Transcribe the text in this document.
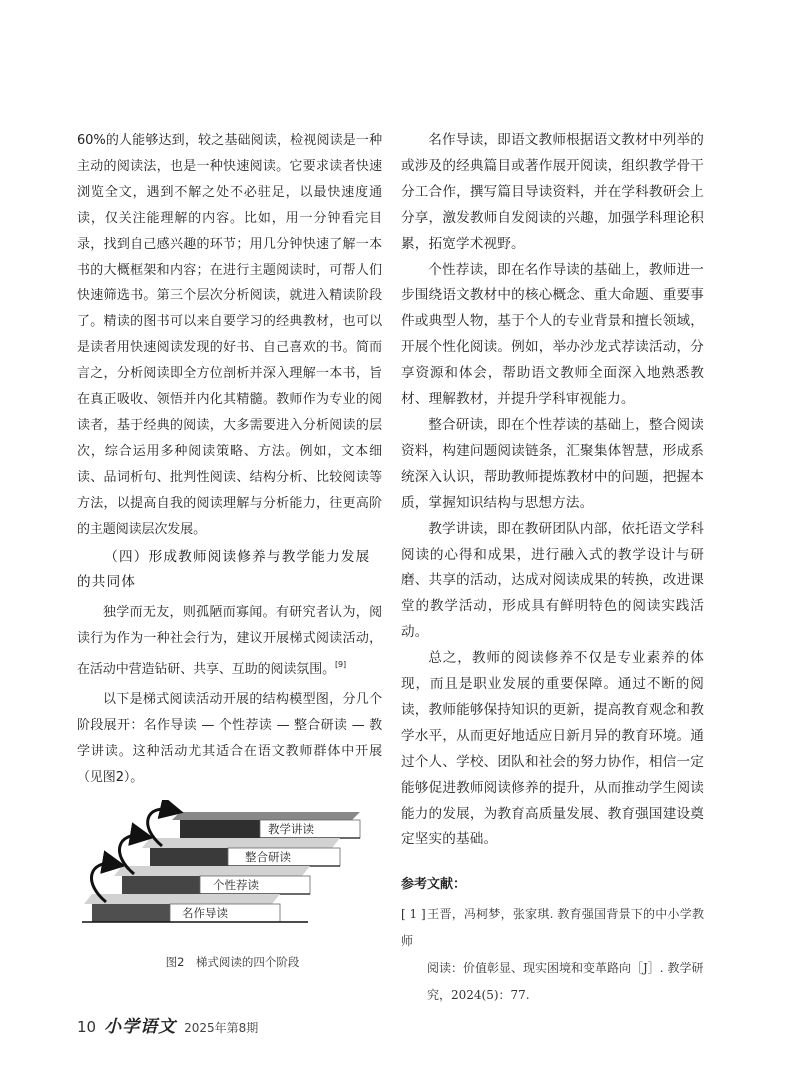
60%的人能够达到，较之基础阅读，检视阅读是一种主动的阅读法，也是一种快速阅读。它要求读者快速浏览全文，遇到不解之处不必驻足，以最快速度通读，仅关注能理解的内容。比如，用一分钟看完目录，找到自己感兴趣的环节；用几分钟快速了解一本书的大概框架和内容；在进行主题阅读时，可帮人们快速筛选书。第三个层次分析阅读，就进入精读阶段了。精读的图书可以来自要学习的经典教材，也可以是读者用快速阅读发现的好书、自己喜欢的书。简而言之，分析阅读即全方位剖析并深入理解一本书，旨在真正吸收、领悟并内化其精髓。教师作为专业的阅读者，基于经典的阅读，大多需要进入分析阅读的层次，综合运用多种阅读策略、方法。例如，文本细读、品词析句、批判性阅读、结构分析、比较阅读等方法，以提高自我的阅读理解与分析能力，往更高阶的主题阅读层次发展。

（四）形成教师阅读修养与教学能力发展的共同体

独学而无友，则孤陋而寡闻。有研究者认为，阅读行为作为一种社会行为，建议开展梯式阅读活动，在活动中营造钻研、共享、互助的阅读氛围。[9]

以下是梯式阅读活动开展的结构模型图，分几个阶段展开：名作导读 — 个性荐读 — 整合研读 — 教学讲读。这种活动尤其适合在语文教师群体中开展（见图2）。

教学讲读
整合研读
个性荐读
名作导读
图2　梯式阅读的四个阶段

名作导读，即语文教师根据语文教材中列举的或涉及的经典篇目或著作展开阅读，组织教学骨干分工合作，撰写篇目导读资料，并在学科教研会上分享，激发教师自发阅读的兴趣，加强学科理论积累，拓宽学术视野。

个性荐读，即在名作导读的基础上，教师进一步围绕语文教材中的核心概念、重大命题、重要事件或典型人物，基于个人的专业背景和擅长领域，开展个性化阅读。例如，举办沙龙式荐读活动，分享资源和体会，帮助语文教师全面深入地熟悉教材、理解教材，并提升学科审视能力。

整合研读，即在个性荐读的基础上，整合阅读资料，构建问题阅读链条，汇聚集体智慧，形成系统深入认识，帮助教师提炼教材中的问题，把握本质，掌握知识结构与思想方法。

教学讲读，即在教研团队内部，依托语文学科阅读的心得和成果，进行融入式的教学设计与研磨、共享的活动，达成对阅读成果的转换，改进课堂的教学活动，形成具有鲜明特色的阅读实践活动。

总之，教师的阅读修养不仅是专业素养的体现，而且是职业发展的重要保障。通过不断的阅读，教师能够保持知识的更新，提高教育观念和教学水平，从而更好地适应日新月异的教育环境。通过个人、学校、团队和社会的努力协作，相信一定能够促进教师阅读修养的提升，从而推动学生阅读能力的发展，为教育高质量发展、教育强国建设奠定坚实的基础。

参考文献：
[ 1 ]王晋，冯柯梦，张家琪. 教育强国背景下的中小学教师
阅读：价值彰显、现实困境和变革路向［J］. 教学研
究，2024(5)：77.
10 小学语文 2025年第8期
